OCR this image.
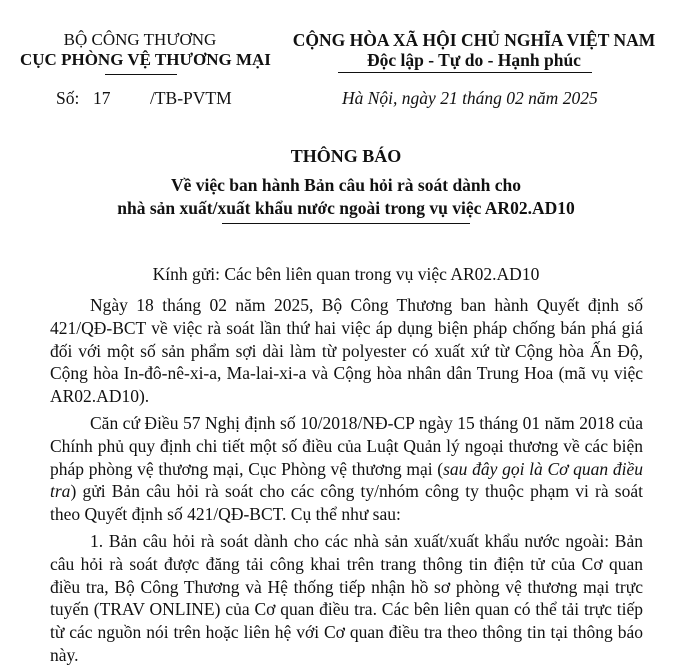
BỘ CÔNG THƯƠNG
CỤC PHÒNG VỆ THƯƠNG MẠI
CỘNG HÒA XÃ HỘI CHỦ NGHĨA VIỆT NAM
Độc lập - Tự do - Hạnh phúc
Số: 17 /TB-PVTM	Hà Nội, ngày 21 tháng 02 năm 2025
THÔNG BÁO
Về việc ban hành Bản câu hỏi rà soát dành cho
nhà sản xuất/xuất khẩu nước ngoài trong vụ việc AR02.AD10
Kính gửi: Các bên liên quan trong vụ việc AR02.AD10
Ngày 18 tháng 02 năm 2025, Bộ Công Thương ban hành Quyết định số 421/QĐ-BCT về việc rà soát lần thứ hai việc áp dụng biện pháp chống bán phá giá đối với một số sản phẩm sợi dài làm từ polyester có xuất xứ từ Cộng hòa Ấn Độ, Cộng hòa In-đô-nê-xi-a, Ma-lai-xi-a và Cộng hòa nhân dân Trung Hoa (mã vụ việc AR02.AD10).
Căn cứ Điều 57 Nghị định số 10/2018/NĐ-CP ngày 15 tháng 01 năm 2018 của Chính phủ quy định chi tiết một số điều của Luật Quản lý ngoại thương về các biện pháp phòng vệ thương mại, Cục Phòng vệ thương mại (sau đây gọi là Cơ quan điều tra) gửi Bản câu hỏi rà soát cho các công ty/nhóm công ty thuộc phạm vi rà soát theo Quyết định số 421/QĐ-BCT. Cụ thể như sau:
1. Bản câu hỏi rà soát dành cho các nhà sản xuất/xuất khẩu nước ngoài: Bản câu hỏi rà soát được đăng tải công khai trên trang thông tin điện tử của Cơ quan điều tra, Bộ Công Thương và Hệ thống tiếp nhận hồ sơ phòng vệ thương mại trực tuyến (TRAV ONLINE) của Cơ quan điều tra. Các bên liên quan có thể tải trực tiếp từ các nguồn nói trên hoặc liên hệ với Cơ quan điều tra theo thông tin tại thông báo này.
